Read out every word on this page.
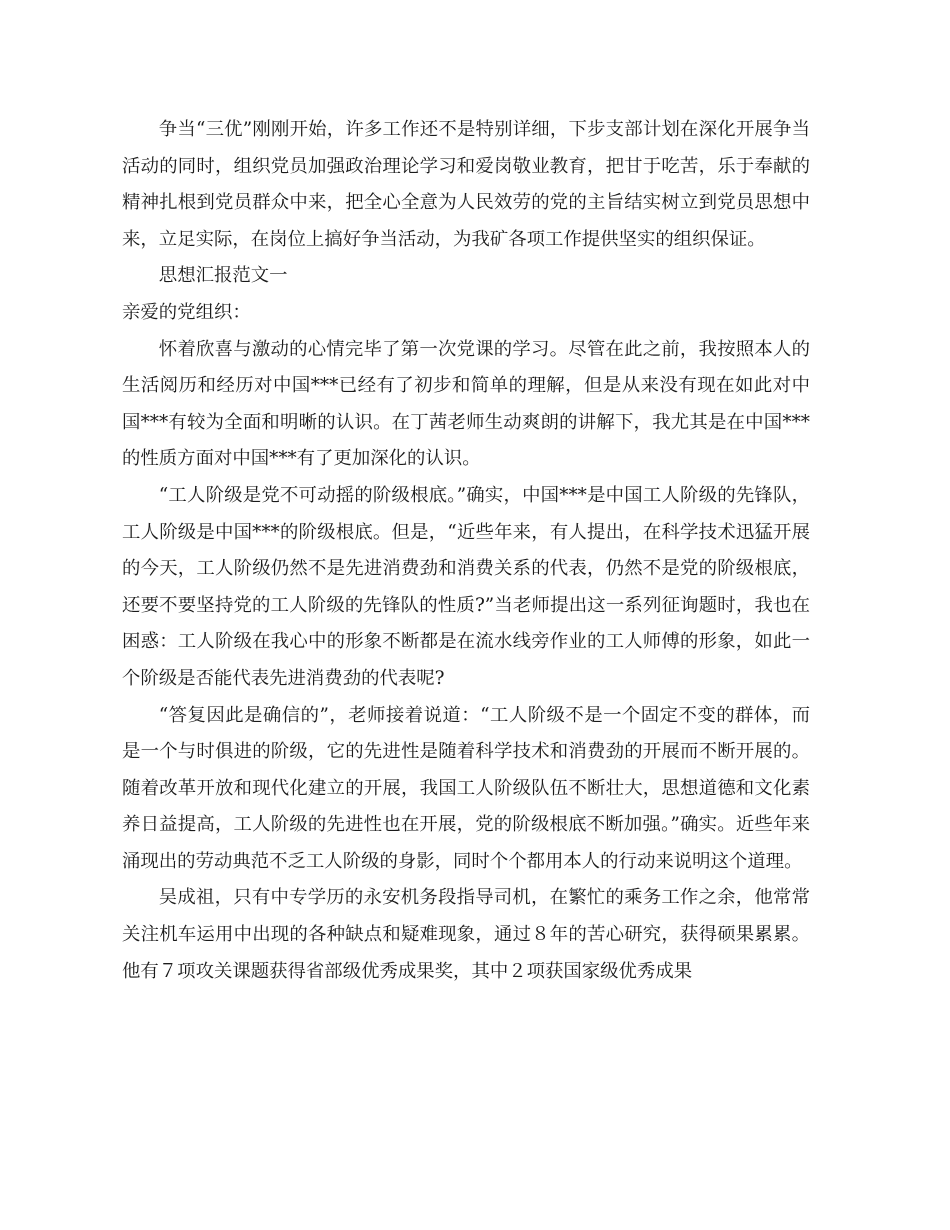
争当“三优”刚刚开始，许多工作还不是特别详细，下步支部计划在深化开展争当活动的同时，组织党员加强政治理论学习和爱岗敬业教育，把甘于吃苦，乐于奉献的精神扎根到党员群众中来，把全心全意为人民效劳的党的主旨结实树立到党员思想中来，立足实际，在岗位上搞好争当活动，为我矿各项工作提供坚实的组织保证。

思想汇报范文一

亲爱的党组织：

怀着欣喜与激动的心情完毕了第一次党课的学习。尽管在此之前，我按照本人的生活阅历和经历对中国***已经有了初步和简单的理解，但是从来没有现在如此对中国***有较为全面和明晰的认识。在丁茜老师生动爽朗的讲解下，我尤其是在中国***的性质方面对中国***有了更加深化的认识。

“工人阶级是党不可动摇的阶级根底。”确实，中国***是中国工人阶级的先锋队，工人阶级是中国***的阶级根底。但是，“近些年来，有人提出，在科学技术迅猛开展的今天，工人阶级仍然不是先进消费劲和消费关系的代表，仍然不是党的阶级根底，还要不要坚持党的工人阶级的先锋队的性质?”当老师提出这一系列征询题时，我也在困惑：工人阶级在我心中的形象不断都是在流水线旁作业的工人师傅的形象，如此一个阶级是否能代表先进消费劲的代表呢?

“答复因此是确信的”，老师接着说道：“工人阶级不是一个固定不变的群体，而是一个与时俱进的阶级，它的先进性是随着科学技术和消费劲的开展而不断开展的。随着改革开放和现代化建立的开展，我国工人阶级队伍不断壮大，思想道德和文化素养日益提高，工人阶级的先进性也在开展，党的阶级根底不断加强。”确实。近些年来涌现出的劳动典范不乏工人阶级的身影，同时个个都用本人的行动来说明这个道理。

吴成祖，只有中专学历的永安机务段指导司机，在繁忙的乘务工作之余，他常常关注机车运用中出现的各种缺点和疑难现象，通过８年的苦心研究，获得硕果累累。他有７项攻关课题获得省部级优秀成果奖，其中２项获国家级优秀成果
